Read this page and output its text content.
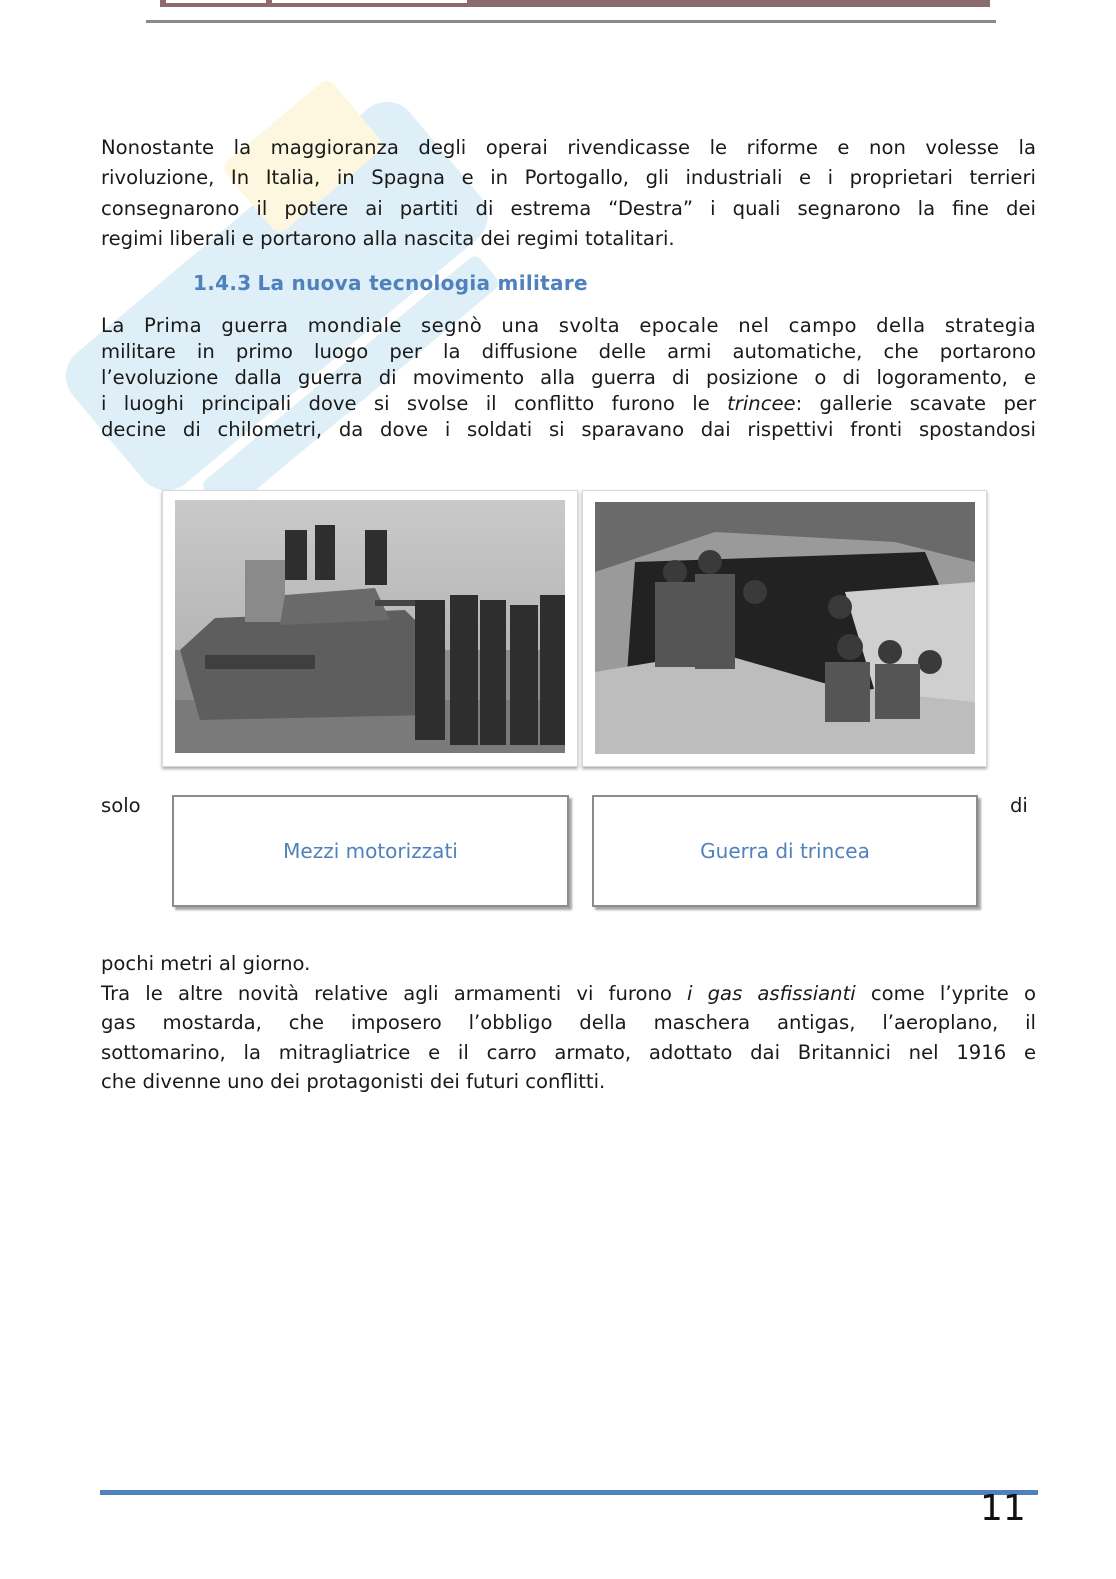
Nonostante la maggioranza degli operai rivendicasse le riforme e non volesse la
rivoluzione, In Italia, in Spagna e in Portogallo, gli industriali e i proprietari terrieri
consegnarono il potere ai partiti di estrema “Destra” i quali segnarono la fine dei
regimi liberali e portarono alla nascita dei regimi totalitari.

1.4.3 La nuova tecnologia militare

La Prima guerra mondiale segnò una svolta epocale nel campo della strategia
militare in primo luogo per la diffusione delle armi automatiche, che portarono
l’evoluzione dalla guerra di movimento alla guerra di posizione o di logoramento, e
i luoghi principali dove si svolse il conflitto furono le trincee: gallerie scavate per
decine di chilometri, da dove i soldati si sparavano dai rispettivi fronti spostandosi

solo
Mezzi motorizzati	Guerra di trincea
di

pochi metri al giorno.
Tra le altre novità relative agli armamenti vi furono i gas asfissianti come l’yprite o
gas mostarda, che imposero l’obbligo della maschera antigas, l’aeroplano, il
sottomarino, la mitragliatrice e il carro armato, adottato dai Britannici nel 1916 e
che divenne uno dei protagonisti dei futuri conflitti.

11
